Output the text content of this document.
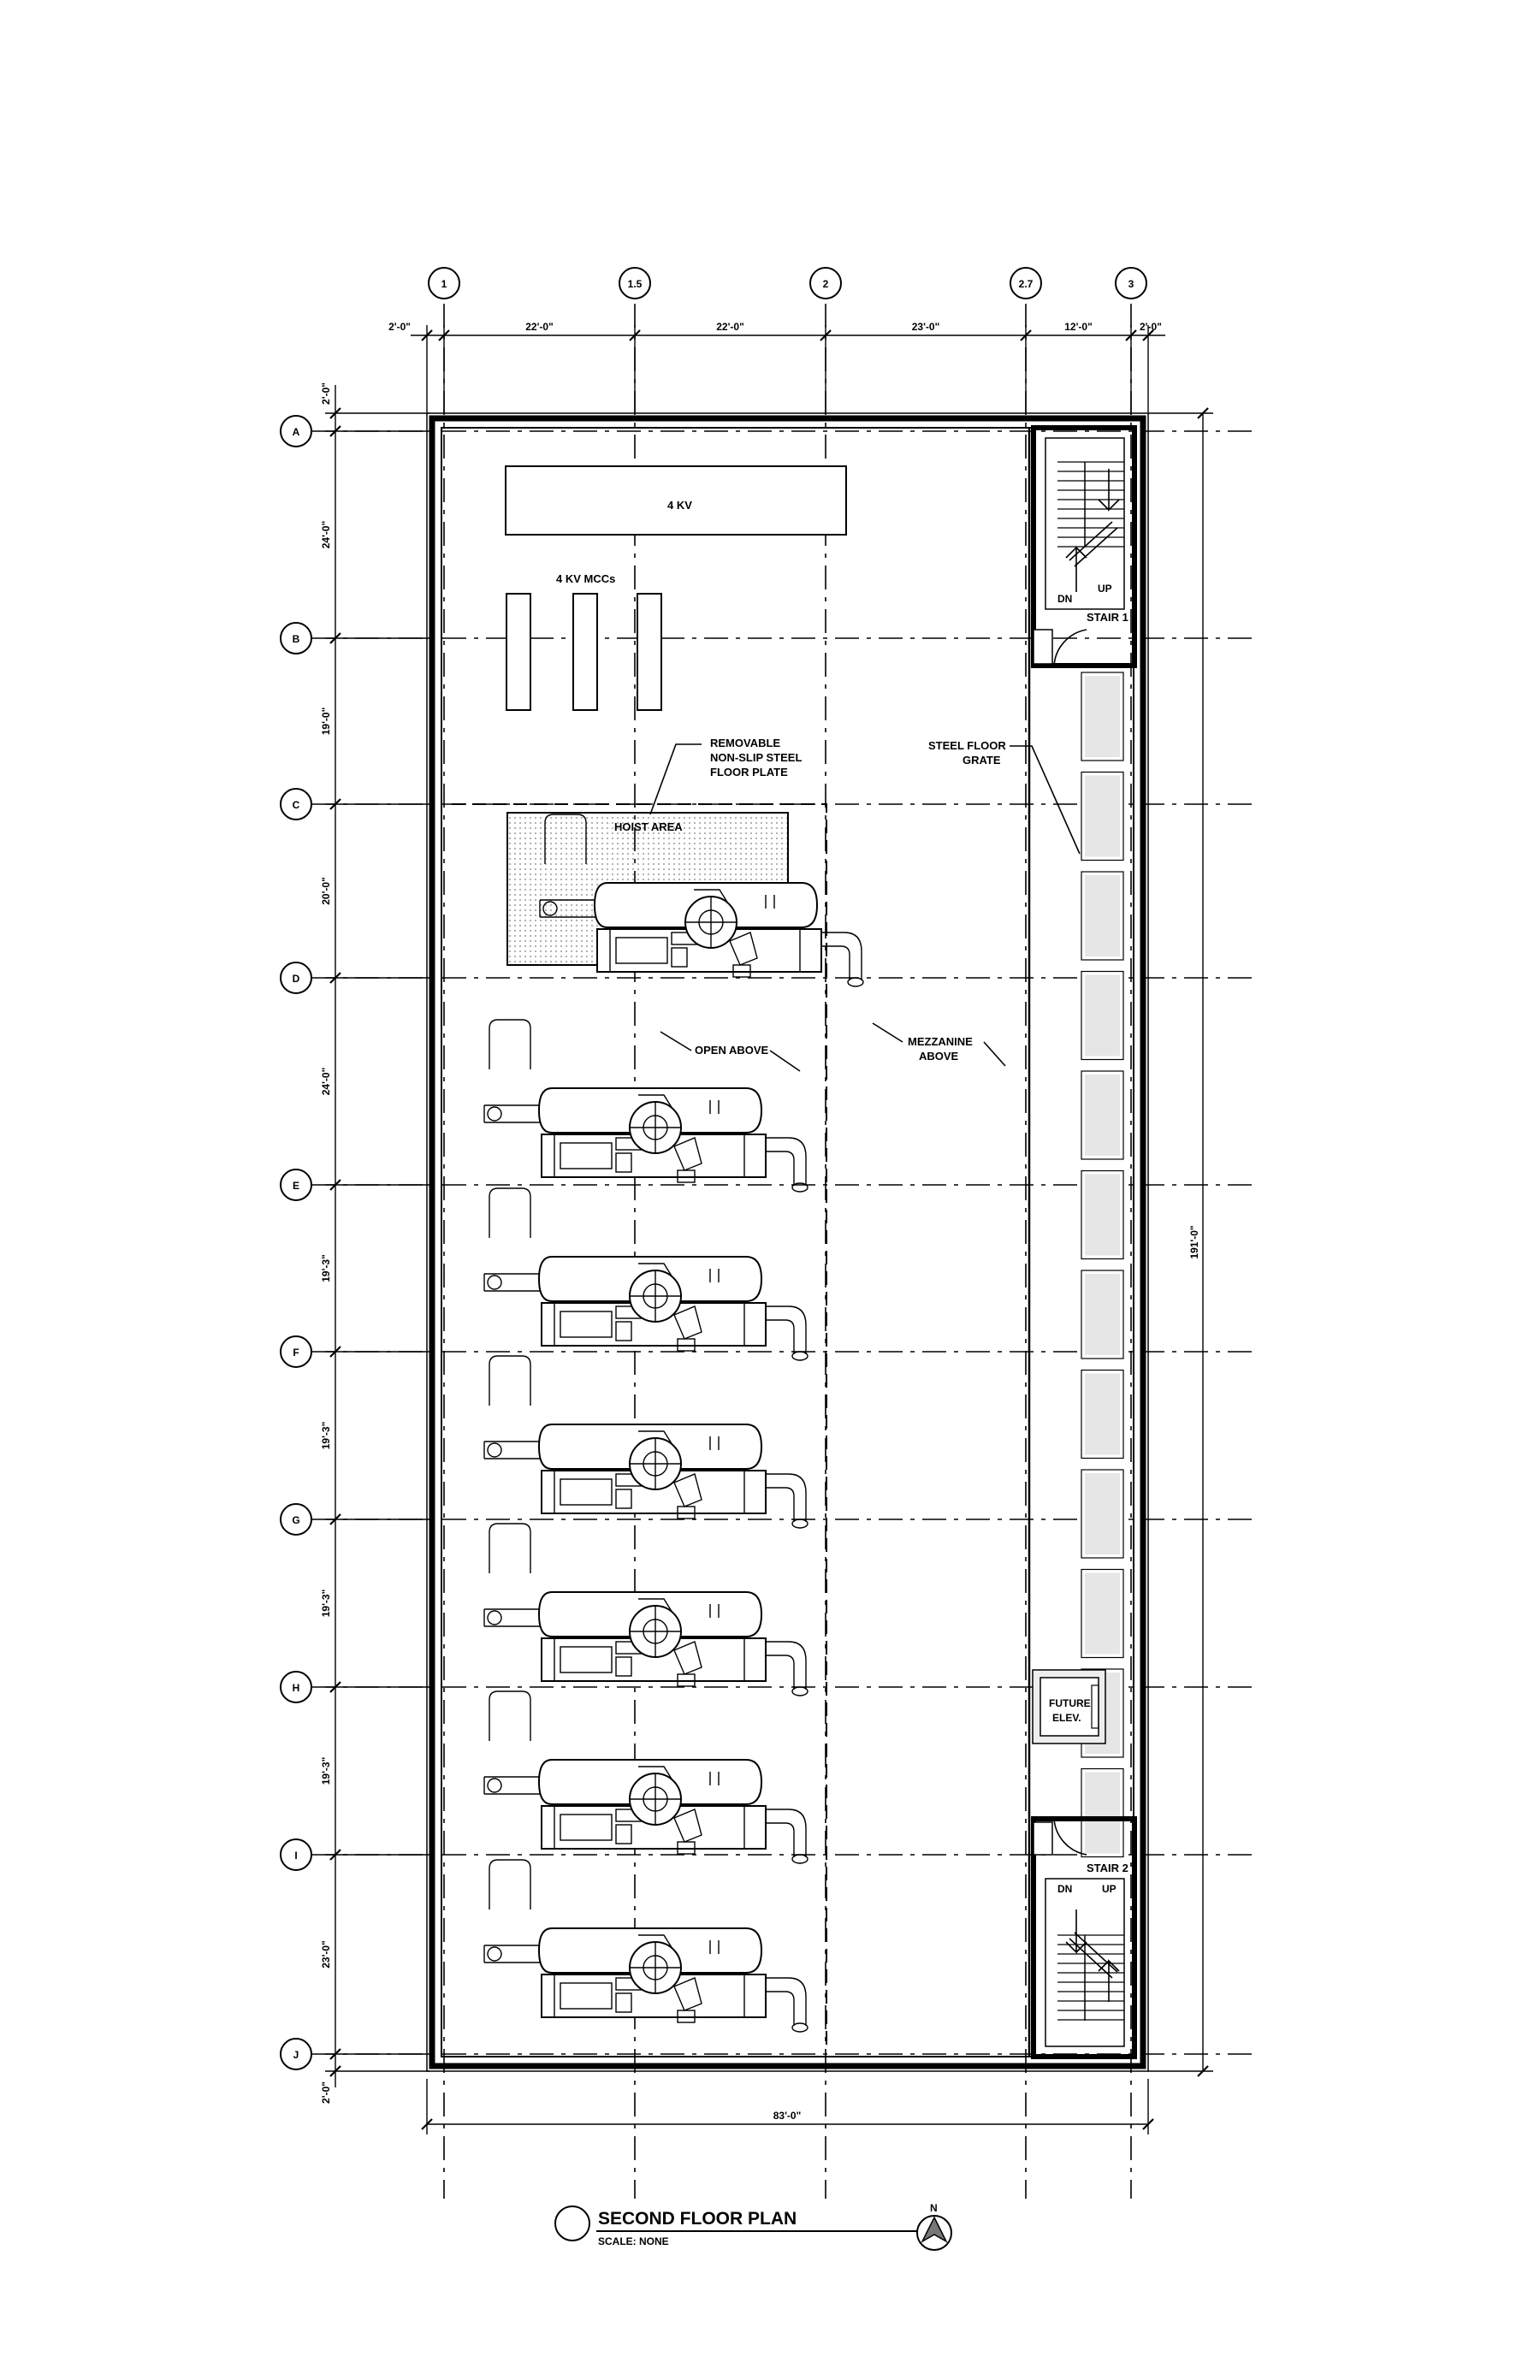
4 KV
4 KV MCCs
HOIST AREA
REMOVABLE
NON-SLIP STEEL
FLOOR PLATE
OPEN ABOVE
MEZZANINE
ABOVE
STEEL FLOOR
GRATE
DN
UP
STAIR 1
FUTURE
ELEV.
STAIR 2
DN	UP
2'-0"	22'-0"	22'-0"	23'-0"	12'-0"	2'-0"
83'-0"
2'-0"
24'-0"
19'-0"
20'-0"
24'-0"
19'-3"
19'-3"
19'-3"
19'-3"
23'-0"
2'-0"
191'-0"
1	1.5	2	2.7	3
A
B
C
D
E
F
G
H
I
J
SECOND FLOOR PLAN
SCALE: NONE
N
